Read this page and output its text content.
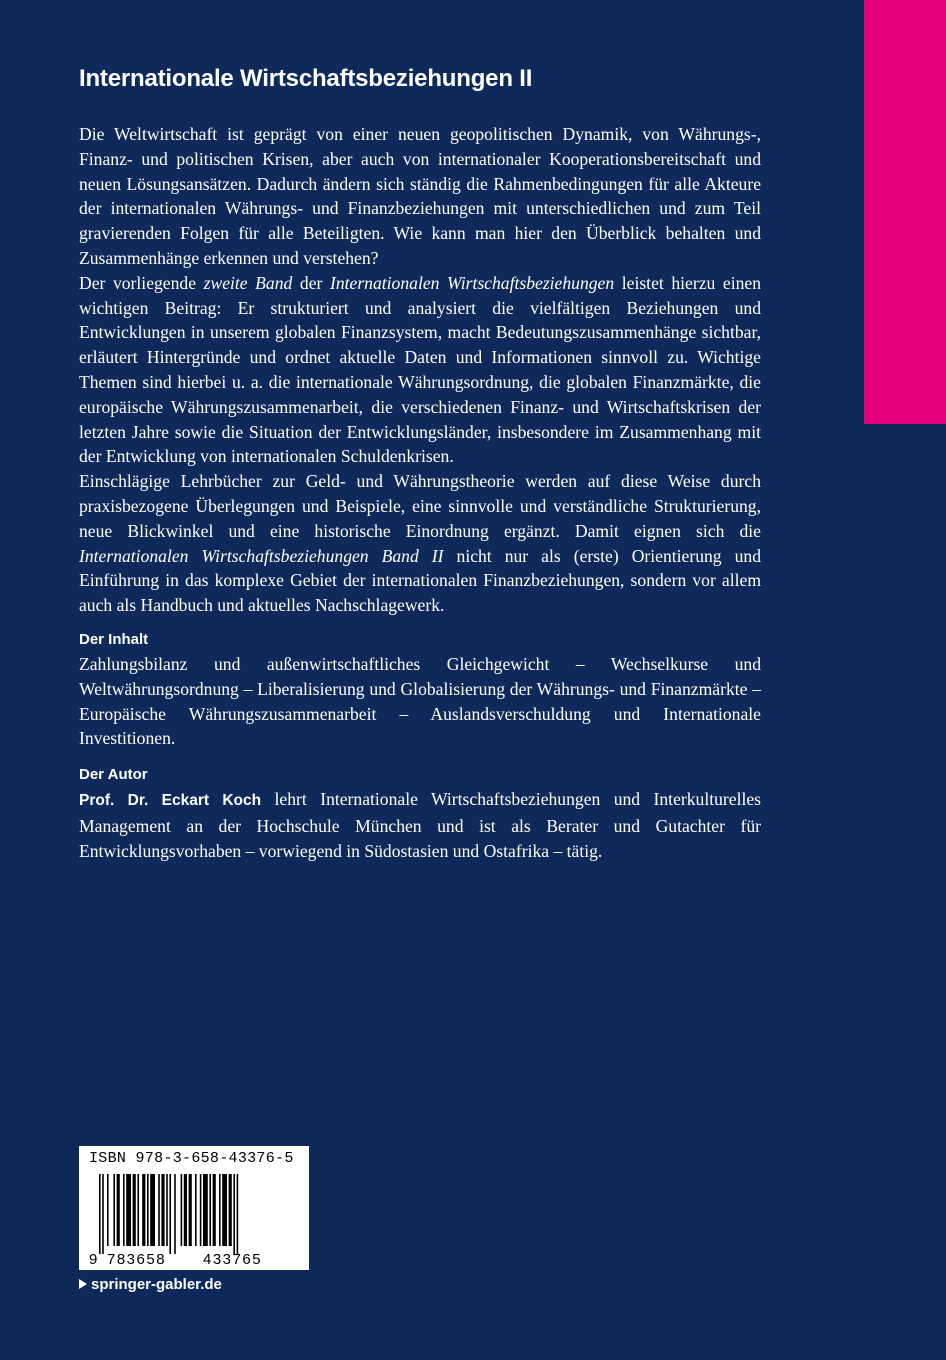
Internationale Wirtschaftsbeziehungen II

Die Weltwirtschaft ist geprägt von einer neuen geopolitischen Dynamik, von Währungs-, Finanz- und politischen Krisen, aber auch von internationaler Kooperationsbereitschaft und neuen Lösungsansätzen. Dadurch ändern sich ständig die Rahmenbedingungen für alle Akteure der internationalen Währungs- und Finanzbeziehungen mit unterschiedlichen und zum Teil gravierenden Folgen für alle Beteiligten. Wie kann man hier den Überblick behalten und Zusammenhänge erkennen und verstehen?

Der vorliegende zweite Band der Internationalen Wirtschaftsbeziehungen leistet hierzu einen wichtigen Beitrag: Er strukturiert und analysiert die vielfältigen Beziehungen und Entwicklungen in unserem globalen Finanzsystem, macht Bedeutungszusammenhänge sichtbar, erläutert Hintergründe und ordnet aktuelle Daten und Informationen sinnvoll zu. Wichtige Themen sind hierbei u. a. die internationale Währungsordnung, die globalen Finanzmärkte, die europäische Währungszusammenarbeit, die verschiedenen Finanz- und Wirtschaftskrisen der letzten Jahre sowie die Situation der Entwicklungsländer, insbesondere im Zusammenhang mit der Entwicklung von internationalen Schuldenkrisen.

Einschlägige Lehrbücher zur Geld- und Währungstheorie werden auf diese Weise durch praxisbezogene Überlegungen und Beispiele, eine sinnvolle und verständliche Strukturierung, neue Blickwinkel und eine historische Einordnung ergänzt. Damit eignen sich die Internationalen Wirtschaftsbeziehungen Band II nicht nur als (erste) Orientierung und Einführung in das komplexe Gebiet der internationalen Finanzbeziehungen, sondern vor allem auch als Handbuch und aktuelles Nachschlagewerk.

Der Inhalt

Zahlungsbilanz und außenwirtschaftliches Gleichgewicht – Wechselkurse und Weltwährungsordnung – Liberalisierung und Globalisierung der Währungs- und Finanzmärkte – Europäische Währungszusammenarbeit – Auslandsverschuldung und Internationale Investitionen.

Der Autor

Prof. Dr. Eckart Koch lehrt Internationale Wirtschaftsbeziehungen und Interkulturelles Management an der Hochschule München und ist als Berater und Gutachter für Entwicklungsvorhaben – vorwiegend in Südostasien und Ostafrika – tätig.

ISBN 978-3-658-43376-5
9 783658 433765
springer-gabler.de
